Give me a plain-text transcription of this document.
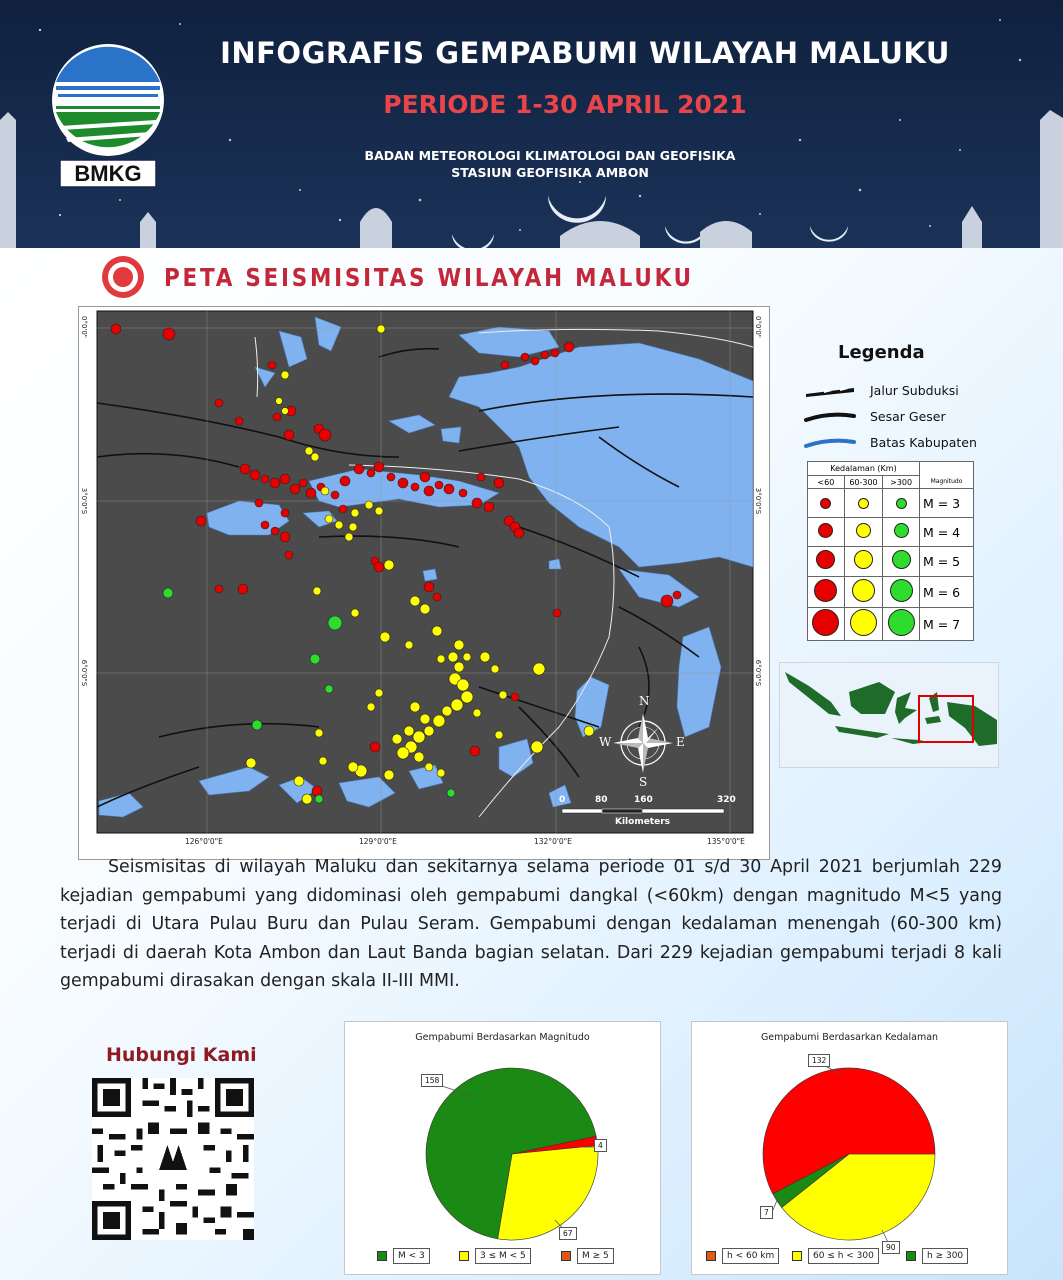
BMKG
INFOGRAFIS GEMPABUMI WILAYAH MALUKU
PERIODE 1-30 APRIL 2021
BADAN METEOROLOGI KLIMATOLOGI DAN GEOFISIKA
STASIUN GEOFISIKA AMBON
PETA SEISMISITAS WILAYAH MALUKU
0°0'0"
3°0'0"S
6°0'0"S
0°0'0"
3°0'0"S
6°0'0"S
126°0'0"E	129°0'0"E	132°0'0"E	135°0'0"E
0	80	160	320
Kilometers
N
E
S
W
Legenda
Jalur Subduksi
Sesar Geser
Batas Kabupaten
Kedalaman (Km)			
<60	60-300	>300	Magnitudo
			M = 3
			M = 4
			M = 5
			M = 6
			M = 7
Seismisitas di wilayah Maluku dan sekitarnya selama periode 01 s/d 30 April 2021 berjumlah 229 kejadian gempabumi yang didominasi oleh gempabumi dangkal (<60km) dengan magnitudo M<5 yang terjadi di Utara Pulau Buru dan Pulau Seram. Gempabumi dengan kedalaman menengah (60-300 km) terjadi di daerah Kota Ambon dan Laut Banda bagian selatan. Dari 229 kejadian gempabumi terjadi 8 kali gempabumi dirasakan dengan skala II-III MMI.
Hubungi Kami
Gempabumi Berdasarkan Magnitudo
158
4
67
M < 3	3 ≤ M < 5	M ≥ 5
Gempabumi Berdasarkan Kedalaman
132
7
90
h < 60 km	60 ≤ h < 300	h ≥ 300
